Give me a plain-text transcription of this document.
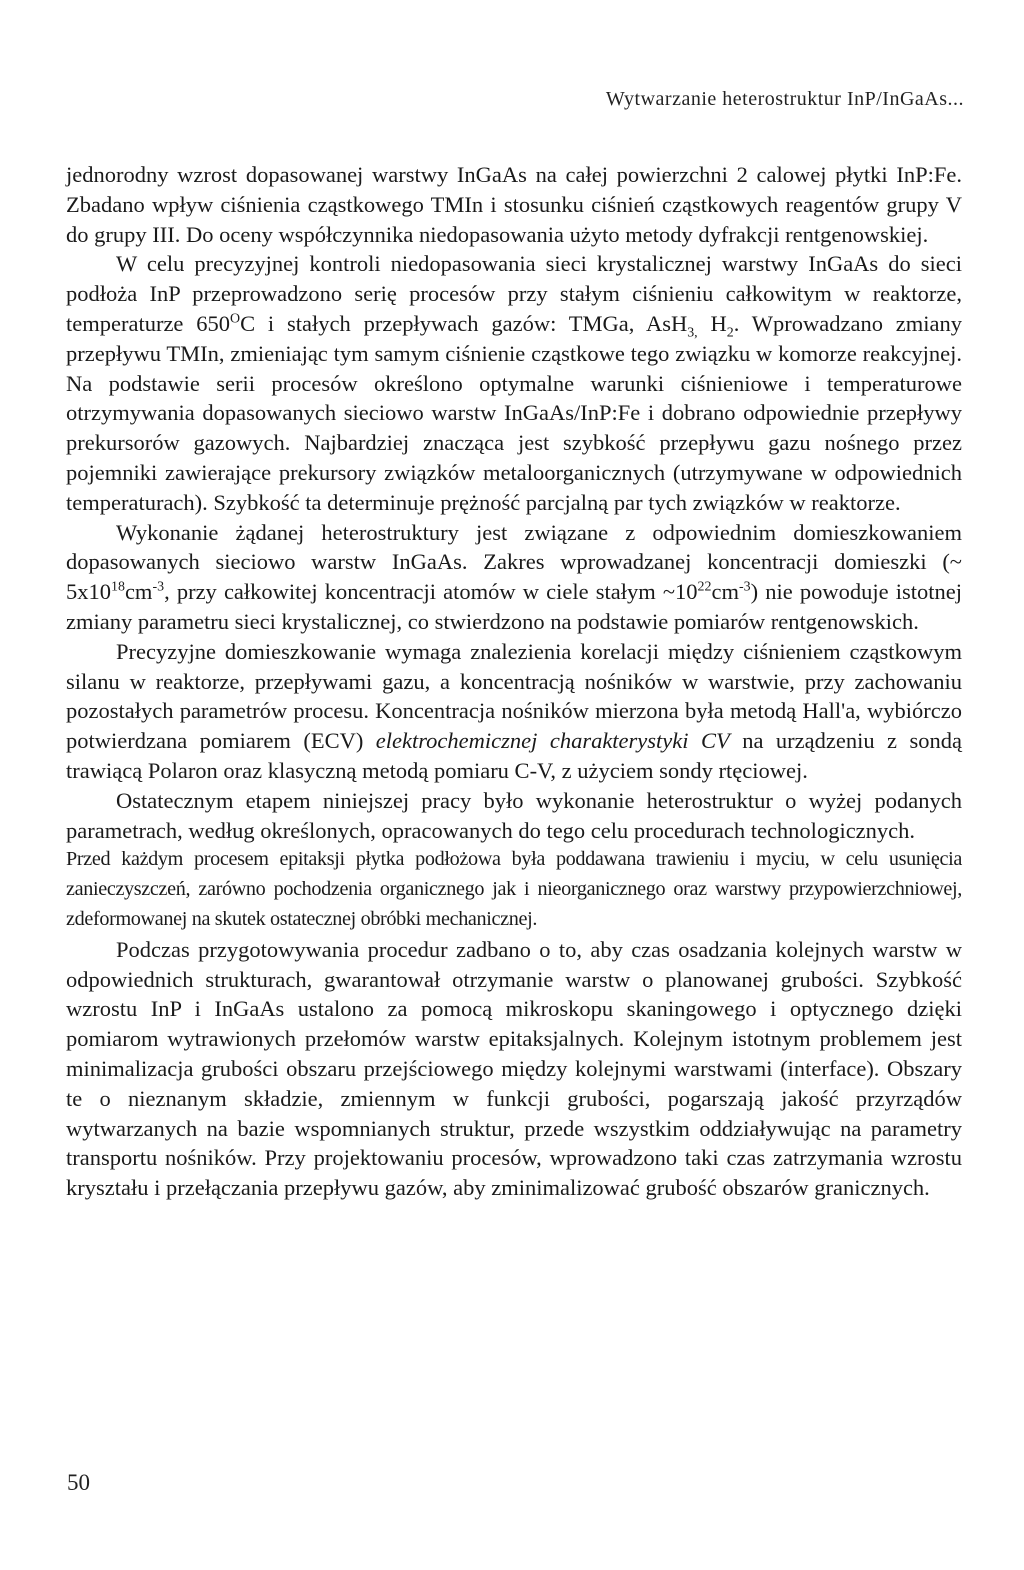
Wytwarzanie heterostruktur InP/InGaAs...

jednorodny wzrost dopasowanej warstwy InGaAs na całej powierzchni 2 calowej płytki InP:Fe. Zbadano wpływ ciśnienia cząstkowego TMIn i stosunku ciśnień cząstkowych reagentów grupy V do grupy III. Do oceny współczynnika niedopasowania użyto metody dyfrakcji rentgenowskiej.

W celu precyzyjnej kontroli niedopasowania sieci krystalicznej warstwy InGaAs do sieci podłoża InP przeprowadzono serię procesów przy stałym ciśnieniu całkowitym w reaktorze, temperaturze $650^OC$ i stałych przepływach gazów: TMGa, AsH$_{3,}$ $H_2$. Wprowadzano zmiany przepływu TMIn, zmieniając tym samym ciśnienie cząstkowe tego związku w komorze reakcyjnej. Na podstawie serii procesów określono optymalne warunki ciśnieniowe i temperaturowe otrzymywania dopasowanych sieciowo warstw InGaAs/InP:Fe i dobrano odpowiednie przepływy prekursorów gazowych. Najbardziej znacząca jest szybkość przepływu gazu nośnego przez pojemniki zawierające prekursory związków metaloorganicznych (utrzymywane w odpowiednich temperaturach). Szybkość ta determinuje prężność parcjalną par tych związków w reaktorze.

Wykonanie żądanej heterostruktury jest związane z odpowiednim domieszkowaniem dopasowanych sieciowo warstw InGaAs. Zakres wprowadzanej koncentracji domieszki (~ $5x10^{18}cm^{-3}$, przy całkowitej koncentracji atomów w ciele stałym $\sim 10^{22}cm^{-3}$) nie powoduje istotnej zmiany parametru sieci krystalicznej, co stwierdzono na podstawie pomiarów rentgenowskich.

Precyzyjne domieszkowanie wymaga znalezienia korelacji między ciśnieniem cząstkowym silanu w reaktorze, przepływami gazu, a koncentracją nośników w warstwie, przy zachowaniu pozostałych parametrów procesu. Koncentracja nośników mierzona była metodą Hall'a, wybiórczo potwierdzana pomiarem (ECV) elektrochemicznej charakterystyki CV na urządzeniu z sondą trawiącą Polaron oraz klasyczną metodą pomiaru C-V, z użyciem sondy rtęciowej.

Ostatecznym etapem niniejszej pracy było wykonanie heterostruktur o wyżej podanych parametrach, według określonych, opracowanych do tego celu procedurach technologicznych.

Przed każdym procesem epitaksji płytka podłożowa była poddawana trawieniu i myciu, w celu usunięcia zanieczyszczeń, zarówno pochodzenia organicznego jak i nieorganicznego oraz warstwy przypowierzchniowej, zdeformowanej na skutek ostatecznej obróbki mechanicznej.

Podczas przygotowywania procedur zadbano o to, aby czas osadzania kolejnych warstw w odpowiednich strukturach, gwarantował otrzymanie warstw o planowanej grubości. Szybkość wzrostu InP i InGaAs ustalono za pomocą mikroskopu skaningowego i optycznego dzięki pomiarom wytrawionych przełomów warstw epitaksjalnych. Kolejnym istotnym problemem jest minimalizacja grubości obszaru przejściowego między kolejnymi warstwami (interface). Obszary te o nieznanym składzie, zmiennym w funkcji grubości, pogarszają jakość przyrządów wytwarzanych na bazie wspomnianych struktur, przede wszystkim oddziaływując na parametry transportu nośników. Przy projektowaniu procesów, wprowadzono taki czas zatrzymania wzrostu kryształu i przełączania przepływu gazów, aby zminimalizować grubość obszarów granicznych.

50
